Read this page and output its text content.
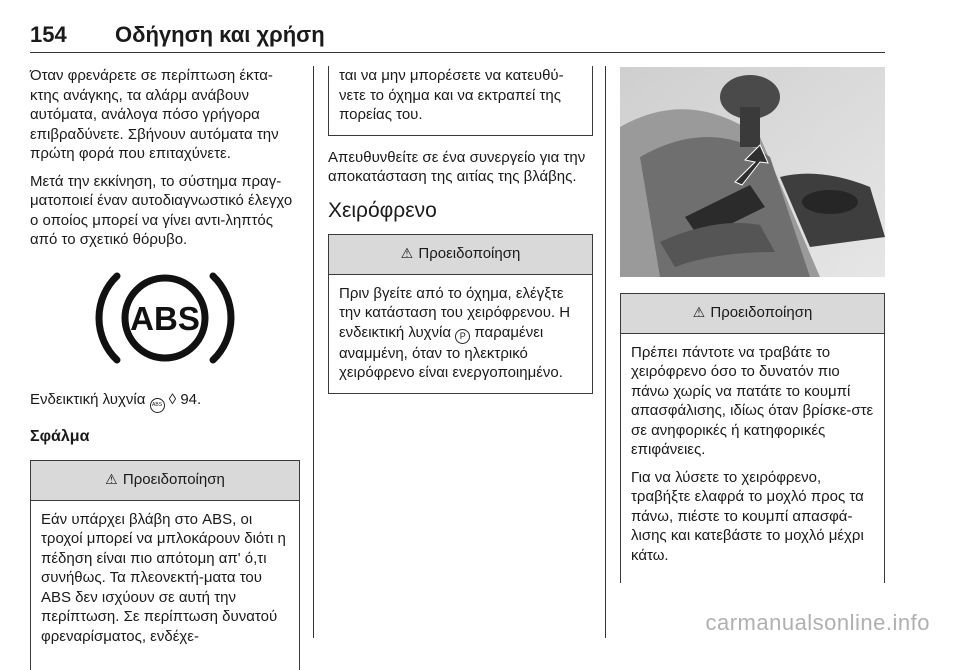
154 Οδήγηση και χρήση

Όταν φρενάρετε σε περίπτωση έκτα-κτης ανάγκης, τα αλάρμ ανάβουν αυτόματα, ανάλογα πόσο γρήγορα επιβραδύνετε. Σβήνουν αυτόματα την πρώτη φορά που επιταχύνετε.

Μετά την εκκίνηση, το σύστημα πραγ-ματοποιεί έναν αυτοδιαγνωστικό έλεγχο ο οποίος μπορεί να γίνει αντι-ληπτός από το σχετικό θόρυβο.

ABS

Ενδεικτική λυχνία ABS ◊ 94.

Σφάλμα
⚠ Προειδοποίηση
Εάν υπάρχει βλάβη στο ABS, οι τροχοί μπορεί να μπλοκάρουν διότι η πέδηση είναι πιο απότομη απ' ό,τι συνήθως. Τα πλεονεκτή-ματα του ABS δεν ισχύουν σε αυτή την περίπτωση. Σε περίπτωση δυνατού φρεναρίσματος, ενδέχε-
ται να μην μπορέσετε να κατευθύ-νετε το όχημα και να εκτραπεί της πορείας του.

Απευθυνθείτε σε ένα συνεργείο για την αποκατάσταση της αιτίας της βλάβης.

Χειρόφρενο
⚠ Προειδοποίηση
Πριν βγείτε από το όχημα, ελέγξτε την κατάσταση του χειρόφρενου. Η ενδεικτική λυχνία P παραμένει αναμμένη, όταν το ηλεκτρικό χειρόφρενο είναι ενεργοποιημένο.
⚠ Προειδοποίηση

Πρέπει πάντοτε να τραβάτε το χειρόφρενο όσο το δυνατόν πιο πάνω χωρίς να πατάτε το κουμπί απασφάλισης, ιδίως όταν βρίσκε-στε σε ανηφορικές ή κατηφορικές επιφάνειες.

Για να λύσετε το χειρόφρενο, τραβήξτε ελαφρά το μοχλό προς τα πάνω, πιέστε το κουμπί απασφά-λισης και κατεβάστε το μοχλό μέχρι κάτω.

carmanualsonline.info
